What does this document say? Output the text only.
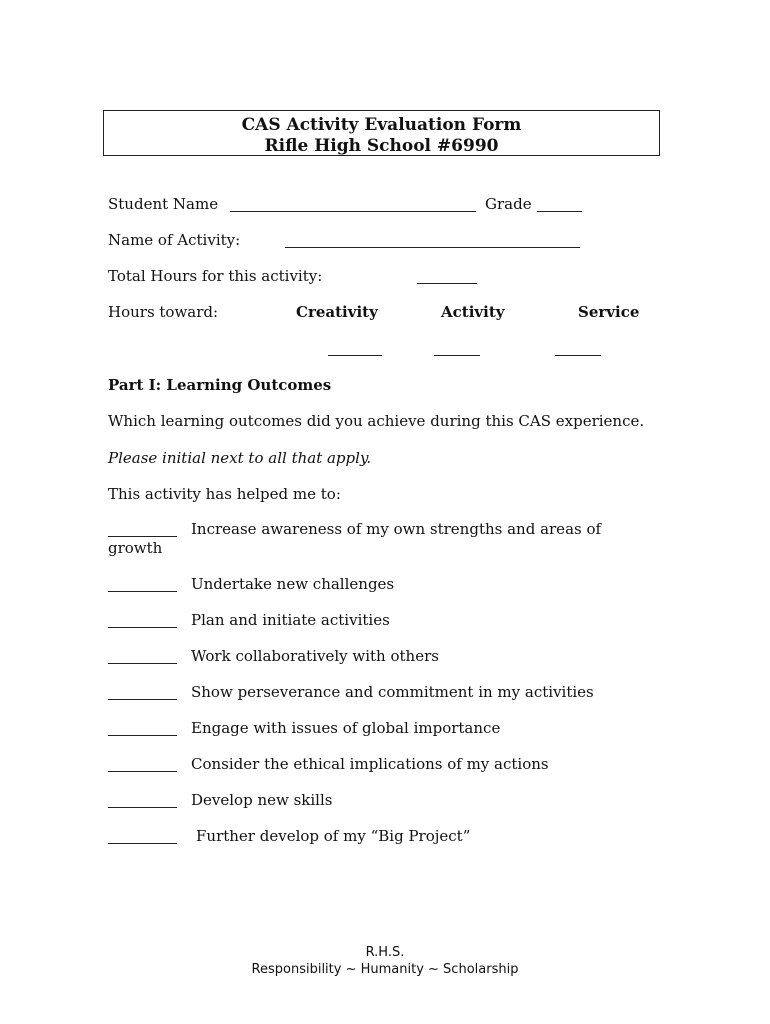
CAS Activity Evaluation Form
Rifle High School #6990
Student Name	Grade
Name of Activity:
Total Hours for this activity:
Hours toward:	Creativity	Activity	Service
Part I: Learning Outcomes
Which learning outcomes did you achieve during this CAS experience.
Please initial next to all that apply.
This activity has helped me to:
Increase awareness of my own strengths and areas of
growth
Undertake new challenges
Plan and initiate activities
Work collaboratively with others
Show perseverance and commitment in my activities
Engage with issues of global importance
Consider the ethical implications of my actions
Develop new skills
Further develop of my “Big Project”
R.H.S.
Responsibility ~ Humanity ~ Scholarship
